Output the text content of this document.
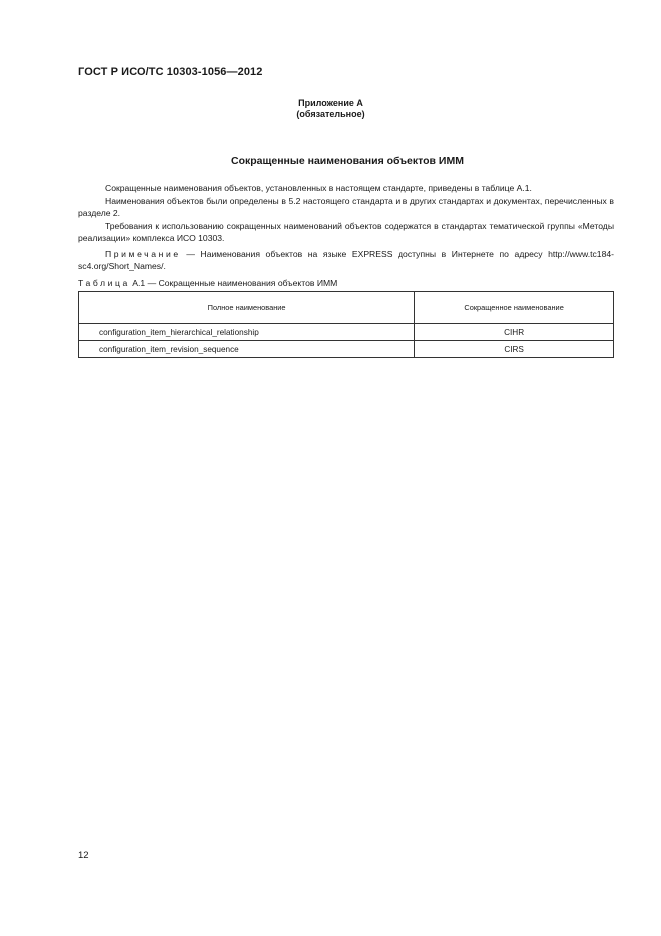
ГОСТ Р ИСО/ТС 10303-1056—2012
Приложение А
(обязательное)
Сокращенные наименования объектов ИММ

Сокращенные наименования объектов, установленных в настоящем стандарте, приведены в таблице А.1.

Наименования объектов были определены в 5.2 настоящего стандарта и в других стандартах и документах, перечисленных в разделе 2.

Требования к использованию сокращенных наименований объектов содержатся в стандартах тематической группы «Методы реализации» комплекса ИСО 10303.

Примечание — Наименования объектов на языке EXPRESS доступны в Интернете по адресу http://www.tc184-sc4.org/Short_Names/.
Таблица А.1 — Сокращенные наименования объектов ИММ
Полное наименование	Сокращенное наименование
configuration_item_hierarchical_relationship	CIHR
configuration_item_revision_sequence	CIRS
12
